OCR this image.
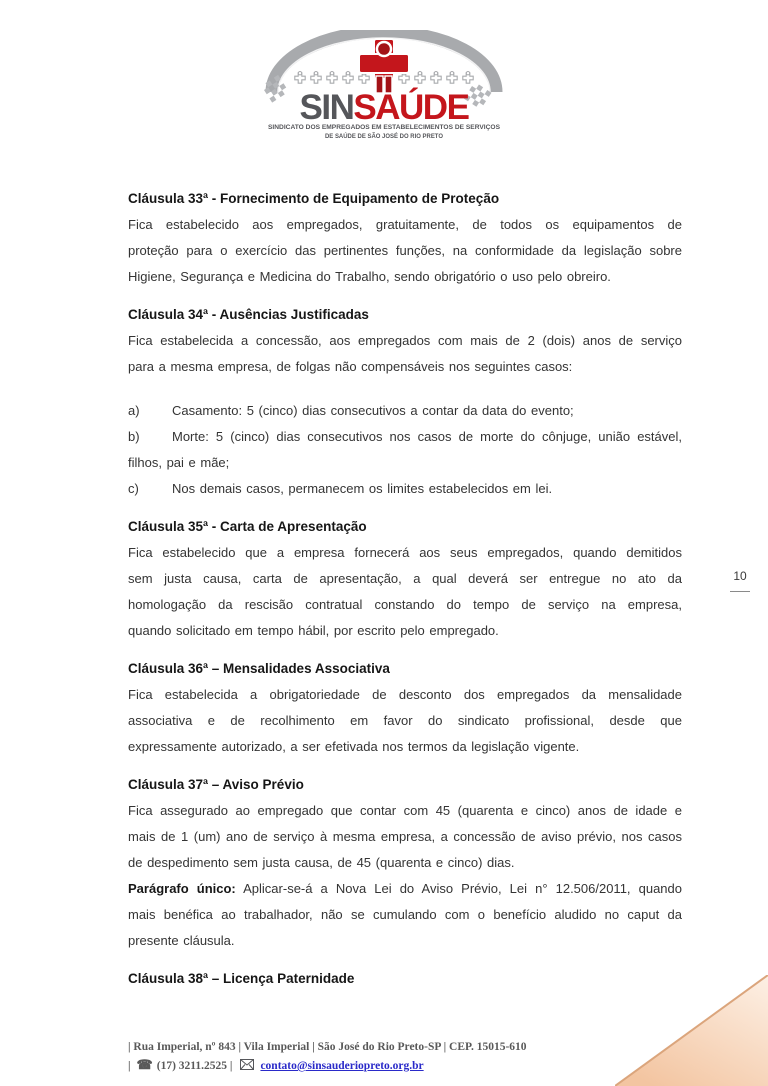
SINSAÚDE
SINDICATO DOS EMPREGADOS EM ESTABELECIMENTOS DE SERVIÇOS
DE SAÚDE DE SÃO JOSÉ DO RIO PRETO
Cláusula 33ª - Fornecimento de Equipamento de Proteção
Fica estabelecido aos empregados, gratuitamente, de todos os equipamentos de
proteção para o exercício das pertinentes funções, na conformidade da legislação sobre
Higiene, Segurança e Medicina do Trabalho, sendo obrigatório o uso pelo obreiro.
Cláusula 34ª - Ausências Justificadas
Fica estabelecida a concessão, aos empregados com mais de 2 (dois) anos de serviço
para a mesma empresa, de folgas não compensáveis nos seguintes casos:
a) Casamento: 5 (cinco) dias consecutivos a contar da data do evento;
b) Morte: 5 (cinco) dias consecutivos nos casos de morte do cônjuge, união estável,
filhos, pai e mãe;
c)	Nos demais casos, permanecem os limites estabelecidos em lei.
Cláusula 35ª - Carta de Apresentação
Fica estabelecido que a empresa fornecerá aos seus empregados, quando demitidos
sem justa causa, carta de apresentação, a qual deverá ser entregue no ato da
homologação da rescisão contratual constando do tempo de serviço na empresa,
quando solicitado em tempo hábil, por escrito pelo empregado.
Cláusula 36ª – Mensalidades Associativa
Fica estabelecida a obrigatoriedade de desconto dos empregados da mensalidade
associativa e de recolhimento em favor do sindicato profissional, desde que
expressamente autorizado, a ser efetivada nos termos da legislação vigente.
Cláusula 37ª – Aviso Prévio
Fica assegurado ao empregado que contar com 45 (quarenta e cinco) anos de idade e
mais de 1 (um) ano de serviço à mesma empresa, a concessão de aviso prévio, nos casos
de despedimento sem justa causa, de 45 (quarenta e cinco) dias.
Parágrafo único: Aplicar-se-á a Nova Lei do Aviso Prévio, Lei n° 12.506/2011, quando
mais benéfica ao trabalhador, não se cumulando com o benefício aludido no caput da
presente cláusula.
Cláusula 38ª – Licença Paternidade
10
| Rua Imperial, nº 843 | Vila Imperial | São José do Rio Preto-SP | CEP. 15015-610
| ☎ (17) 3211.2525 | contato@sinsauderiopreto.org.br
